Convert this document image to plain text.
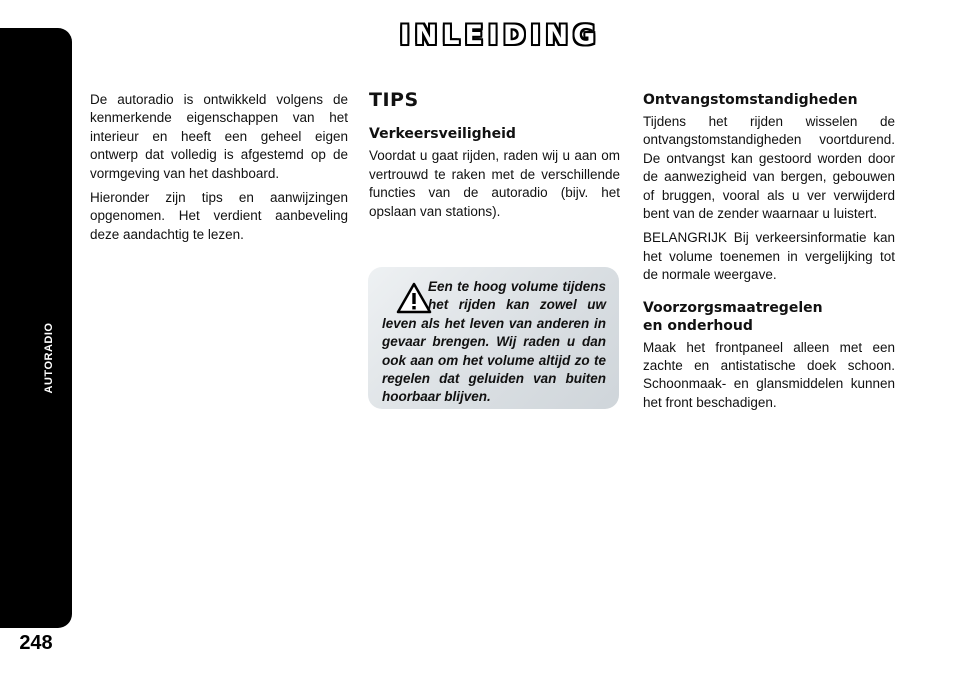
AUTORADIO
248
INLEIDING

De autoradio is ontwikkeld volgens de kenmerkende eigenschappen van het interieur en heeft een geheel eigen ontwerp dat volledig is afgestemd op de vormgeving van het dashboard.

Hieronder zijn tips en aanwijzingen opgenomen. Het verdient aanbeveling deze aandachtig te lezen.

TIPS
Verkeersveiligheid

Voordat u gaat rijden, raden wij u aan om vertrouwd te raken met de verschillende functies van de autoradio (bijv. het opslaan van stations).

Een te hoog volume tijdens het rijden kan zowel uw leven als het leven van anderen in gevaar brengen. Wij raden u dan ook aan om het volume altijd zo te regelen dat geluiden van buiten hoorbaar blijven.
Ontvangstomstandigheden

Tijdens het rijden wisselen de ontvangstomstandigheden voortdurend. De ontvangst kan gestoord worden door de aanwezigheid van bergen, gebouwen of bruggen, vooral als u ver verwijderd bent van de zender waarnaar u luistert.

BELANGRIJK Bij verkeersinformatie kan het volume toenemen in vergelijking tot de normale weergave.

Voorzorgsmaatregelen
en onderhoud

Maak het frontpaneel alleen met een zachte en antistatische doek schoon. Schoonmaak- en glansmiddelen kunnen het front beschadigen.
